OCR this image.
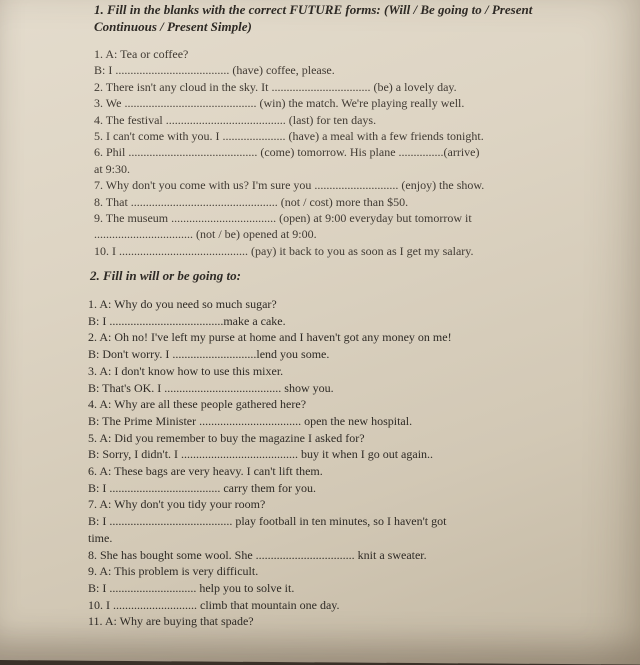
1. Fill in the blanks with the correct FUTURE forms: (Will / Be going to / Present
Continuous / Present Simple)
1. A: Tea or coffee?
B: I ...................................... (have) coffee, please.
2. There isn't any cloud in the sky. It ................................. (be) a lovely day.
3. We ............................................ (win) the match. We're playing really well.
4. The festival ........................................ (last) for ten days.
5. I can't come with you. I ..................... (have) a meal with a few friends tonight.
6. Phil ........................................... (come) tomorrow. His plane ...............(arrive)
at 9:30.
7. Why don't you come with us? I'm sure you ............................ (enjoy) the show.
8. That ................................................. (not / cost) more than $50.
9. The museum ................................... (open) at 9:00 everyday but tomorrow it
................................. (not / be) opened at 9:00.
10. I ........................................... (pay) it back to you as soon as I get my salary.
2. Fill in will or be going to:
1. A: Why do you need so much sugar?
B: I ......................................make a cake.
2. A: Oh no! I've left my purse at home and I haven't got any money on me!
B: Don't worry. I ............................lend you some.
3. A: I don't know how to use this mixer.
B: That's OK. I ....................................... show you.
4. A: Why are all these people gathered here?
B: The Prime Minister .................................. open the new hospital.
5. A: Did you remember to buy the magazine I asked for?
B: Sorry, I didn't. I ....................................... buy it when I go out again..
6. A: These bags are very heavy. I can't lift them.
B: I ..................................... carry them for you.
7. A: Why don't you tidy your room?
B: I ......................................... play football in ten minutes, so I haven't got
time.
8. She has bought some wool. She ................................. knit a sweater.
9. A: This problem is very difficult.
B: I ............................. help you to solve it.
10. I ............................ climb that mountain one day.
11. A: Why are buying that spade?
